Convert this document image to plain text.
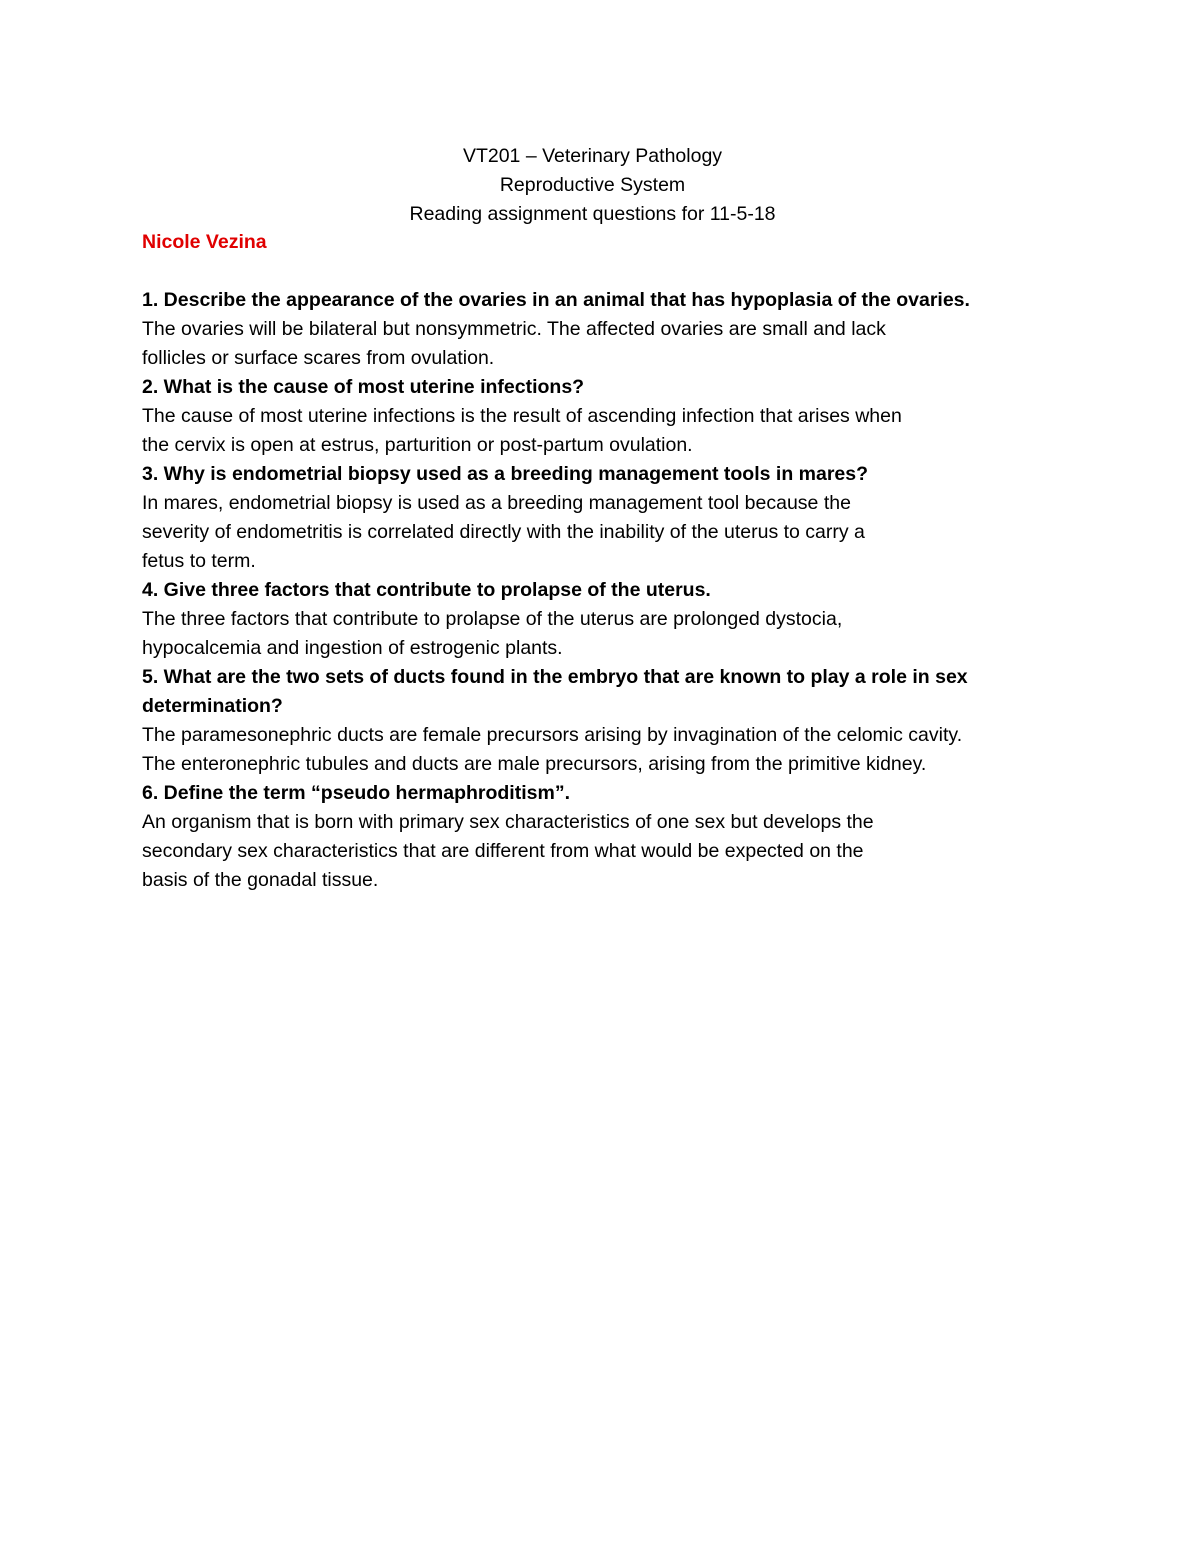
VT201 – Veterinary Pathology
Reproductive System
Reading assignment questions for 11-5-18
Nicole Vezina
1. Describe the appearance of the ovaries in an animal that has hypoplasia of the ovaries.
The ovaries will be bilateral but nonsymmetric. The affected ovaries are small and lack
follicles or surface scares from ovulation.
2. What is the cause of most uterine infections?
The cause of most uterine infections is the result of ascending infection that arises when
the cervix is open at estrus, parturition or post-partum ovulation.
3. Why is endometrial biopsy used as a breeding management tools in mares?
In mares, endometrial biopsy is used as a breeding management tool because the
severity of endometritis is correlated directly with the inability of the uterus to carry a
fetus to term.
4. Give three factors that contribute to prolapse of the uterus.
The three factors that contribute to prolapse of the uterus are prolonged dystocia,
hypocalcemia and ingestion of estrogenic plants.
5. What are the two sets of ducts found in the embryo that are known to play a role in sex
determination?
The paramesonephric ducts are female precursors arising by invagination of the celomic cavity.
The enteronephric tubules and ducts are male precursors, arising from the primitive kidney.
6. Define the term “pseudo hermaphroditism”.
An organism that is born with primary sex characteristics of one sex but develops the
secondary sex characteristics that are different from what would be expected on the
basis of the gonadal tissue.
